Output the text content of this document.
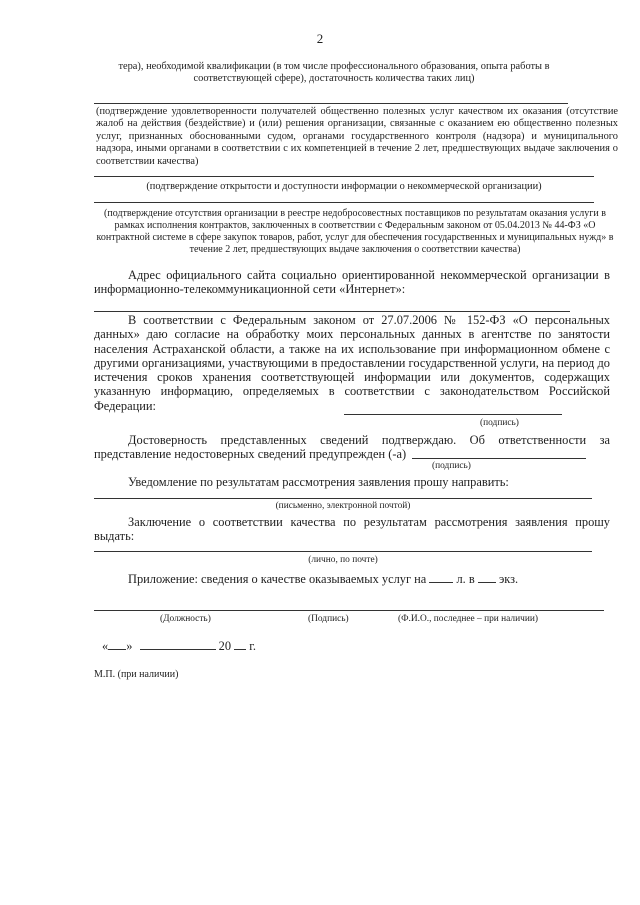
2
тера), необходимой квалификации (в том числе профессионального образования, опыта работы в соответствующей сфере), достаточность количества таких лиц)
(подтверждение удовлетворенности получателей общественно полезных услуг качеством их оказания (отсутствие жалоб на действия (бездействие) и (или) решения организации, связанные с оказанием ею общественно полезных услуг, признанных обоснованными судом, органами государственного контроля (надзора) и муниципального надзора, иными органами в соответствии с их компетенцией в течение 2 лет, предшествующих выдаче заключения о соответствии качества)
(подтверждение открытости и доступности информации о некоммерческой организации)
(подтверждение отсутствия организации в реестре недобросовестных поставщиков по результатам оказания услуги в рамках исполнения контрактов, заключенных в соответствии с Федеральным законом от 05.04.2013 № 44-ФЗ «О контрактной системе в сфере закупок товаров, работ, услуг для обеспечения государственных и муниципальных нужд» в течение 2 лет, предшествующих выдаче заключения о соответствии качества)
Адрес официального сайта социально ориентированной некоммерческой организации в информационно-телекоммуникационной сети «Интернет»:
В соответствии с Федеральным законом от 27.07.2006 № 152-ФЗ «О персональных данных» даю согласие на обработку моих персональных данных в агентстве по занятости населения Астраханской области, а также на их использование при информационном обмене с другими организациями, участвующими в предоставлении государственной услуги, на период до истечения сроков хранения соответствующей информации или документов, содержащих указанную информацию, определяемых в соответствии с законодательством Российской Федерации:
(подпись)
Достоверность представленных сведений подтверждаю. Об ответственности за представление недостоверных сведений предупрежден (-а)
(подпись)
Уведомление по результатам рассмотрения заявления прошу направить:
(письменно, электронной почтой)
Заключение о соответствии качества по результатам рассмотрения заявления прошу выдать:
(лично, по почте)
Приложение: сведения о качестве оказываемых услуг на л. в экз.
(Должность)	(Подпись)	(Ф.И.О., последнее – при наличии)
« »	20 г.
М.П. (при наличии)
